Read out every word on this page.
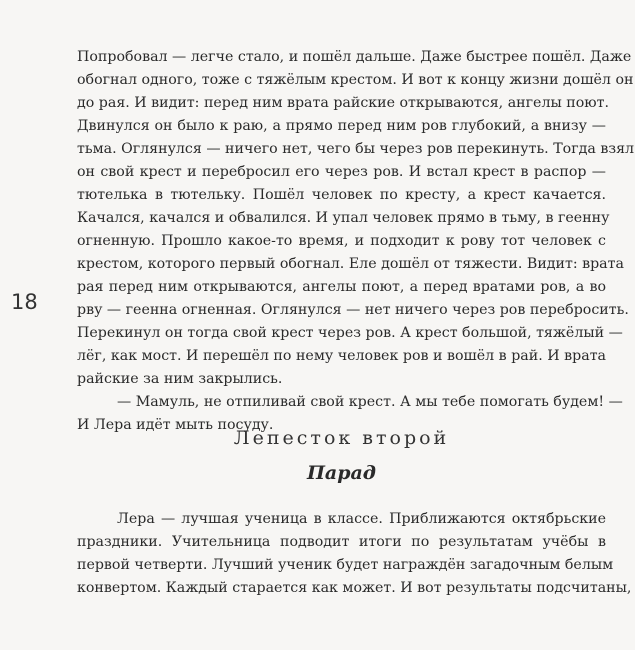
18
Попробовал — легче стало, и пошёл дальше. Даже быстрее пошёл. Даже
обогнал одного, тоже с тяжёлым крестом. И вот к концу жизни дошёл он
до рая. И видит: перед ним врата райские открываются, ангелы поют.
Двинулся он было к раю, а прямо перед ним ров глубокий, а внизу —
тьма. Оглянулся — ничего нет, чего бы через ров перекинуть. Тогда взял
он свой крест и перебросил его через ров. И встал крест в распор —
тютелька в тютельку. Пошёл человек по кресту, а крест качается.
Качался, качался и обвалился. И упал человек прямо в тьму, в геенну
огненную. Прошло какое-то время, и подходит к рову тот человек с
крестом, которого первый обогнал. Еле дошёл от тяжести. Видит: врата
рая перед ним открываются, ангелы поют, а перед вратами ров, а во
рву — геенна огненная. Оглянулся — нет ничего через ров перебросить.
Перекинул он тогда свой крест через ров. А крест большой, тяжёлый —
лёг, как мост. И перешёл по нему человек ров и вошёл в рай. И врата
райские за ним закрылись.
— Мамуль, не отпиливай свой крест. А мы тебе помогать будем! —
И Лера идёт мыть посуду.
Лепесток второй
Парад
Лера — лучшая ученица в классе. Приближаются октябрьские
праздники. Учительница подводит итоги по результатам учёбы в
первой четверти. Лучший ученик будет награждён загадочным белым
конвертом. Каждый старается как может. И вот результаты подсчитаны,
